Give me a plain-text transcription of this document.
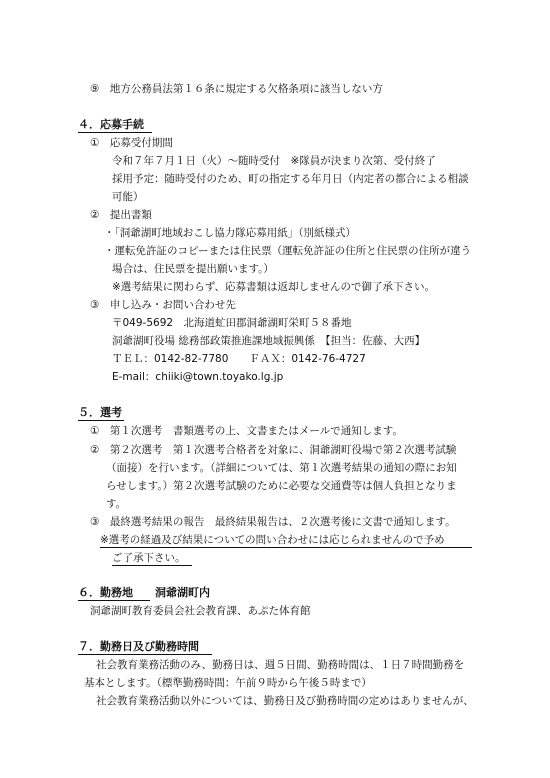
⑨　地方公務員法第１６条に規定する欠格条項に該当しない方
４．応募手続
①　応募受付期間
令和７年７月１日（火）～随時受付　※隊員が決まり次第、受付終了
採用予定：随時受付のため、町の指定する年月日（内定者の都合による相談
可能）
②　提出書類
・「洞爺湖町地域おこし協力隊応募用紙」（別紙様式）
・運転免許証のコピーまたは住民票（運転免許証の住所と住民票の住所が違う
場合は、住民票を提出願います。）
※選考結果に関わらず、応募書類は返却しませんので御了承下さい。
③　申し込み・お問い合わせ先
〒049-5692　北海道虻田郡洞爺湖町栄町５８番地
洞爺湖町役場 総務部政策推進課地域振興係　【担当：佐藤、大西】
ＴＥＬ：0142-82-7780　　ＦＡＸ：0142-76-4727
E-mail：chiiki@town.toyako.lg.jp
５．選考
①　第１次選考　書類選考の上、文書またはメールで通知します。
②　第２次選考　第１次選考合格者を対象に、洞爺湖町役場で第２次選考試験
（面接）を行います。（詳細については、第１次選考結果の通知の際にお知
らせします。）第２次選考試験のために必要な交通費等は個人負担となりま
す。
③　最終選考結果の報告　最終結果報告は、２次選考後に文書で通知します。
※選考の経過及び結果についての問い合わせには応じられませんので予め
ご了承下さい。
６．勤務地　　洞爺湖町内
洞爺湖町教育委員会社会教育課、あぷた体育館
７．勤務日及び勤務時間
社会教育業務活動のみ、勤務日は、週５日間、勤務時間は、１日７時間勤務を
基本とします。（標準勤務時間：午前９時から午後５時まで）
社会教育業務活動以外については、勤務日及び勤務時間の定めはありませんが、
